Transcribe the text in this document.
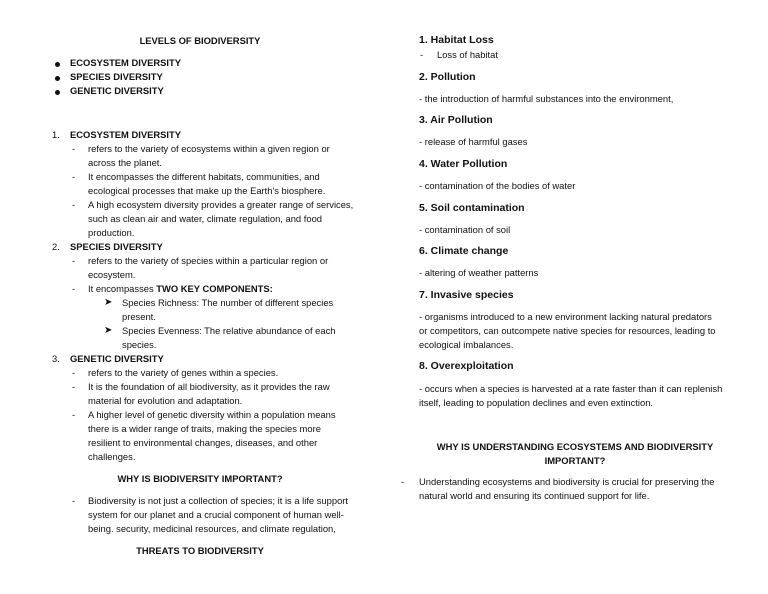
LEVELS OF BIODIVERSITY
ECOSYSTEM DIVERSITY
SPECIES DIVERSITY
GENETIC DIVERSITY
1. ECOSYSTEM DIVERSITY
- refers to the variety of ecosystems within a given region or
across the planet.
- It encompasses the different habitats, communities, and
ecological processes that make up the Earth's biosphere.
- A high ecosystem diversity provides a greater range of services,
such as clean air and water, climate regulation, and food
production.
2. SPECIES DIVERSITY
- refers to the variety of species within a particular region or
ecosystem.
- It encompasses TWO KEY COMPONENTS:
➤ Species Richness: The number of different species
present.
➤ Species Evenness: The relative abundance of each
species.
3. GENETIC DIVERSITY
- refers to the variety of genes within a species.
- It is the foundation of all biodiversity, as it provides the raw
material for evolution and adaptation.
- A higher level of genetic diversity within a population means
there is a wider range of traits, making the species more
resilient to environmental changes, diseases, and other
challenges.
WHY IS BIODIVERSITY IMPORTANT?
- Biodiversity is not just a collection of species; it is a life support
system for our planet and a crucial component of human well-
being. security, medicinal resources, and climate regulation,
THREATS TO BIODIVERSITY
1. Habitat Loss
- Loss of habitat
2. Pollution
- the introduction of harmful substances into the environment,
3. Air Pollution
- release of harmful gases
4. Water Pollution
- contamination of the bodies of water
5. Soil contamination
- contamination of soil
6. Climate change
- altering of weather patterns
7. Invasive species
- organisms introduced to a new environment lacking natural predators
or competitors, can outcompete native species for resources, leading to
ecological imbalances.
8. Overexploitation
- occurs when a species is harvested at a rate faster than it can replenish
itself, leading to population declines and even extinction.
WHY IS UNDERSTANDING ECOSYSTEMS AND BIODIVERSITY
IMPORTANT?
- Understanding ecosystems and biodiversity is crucial for preserving the
natural world and ensuring its continued support for life.
